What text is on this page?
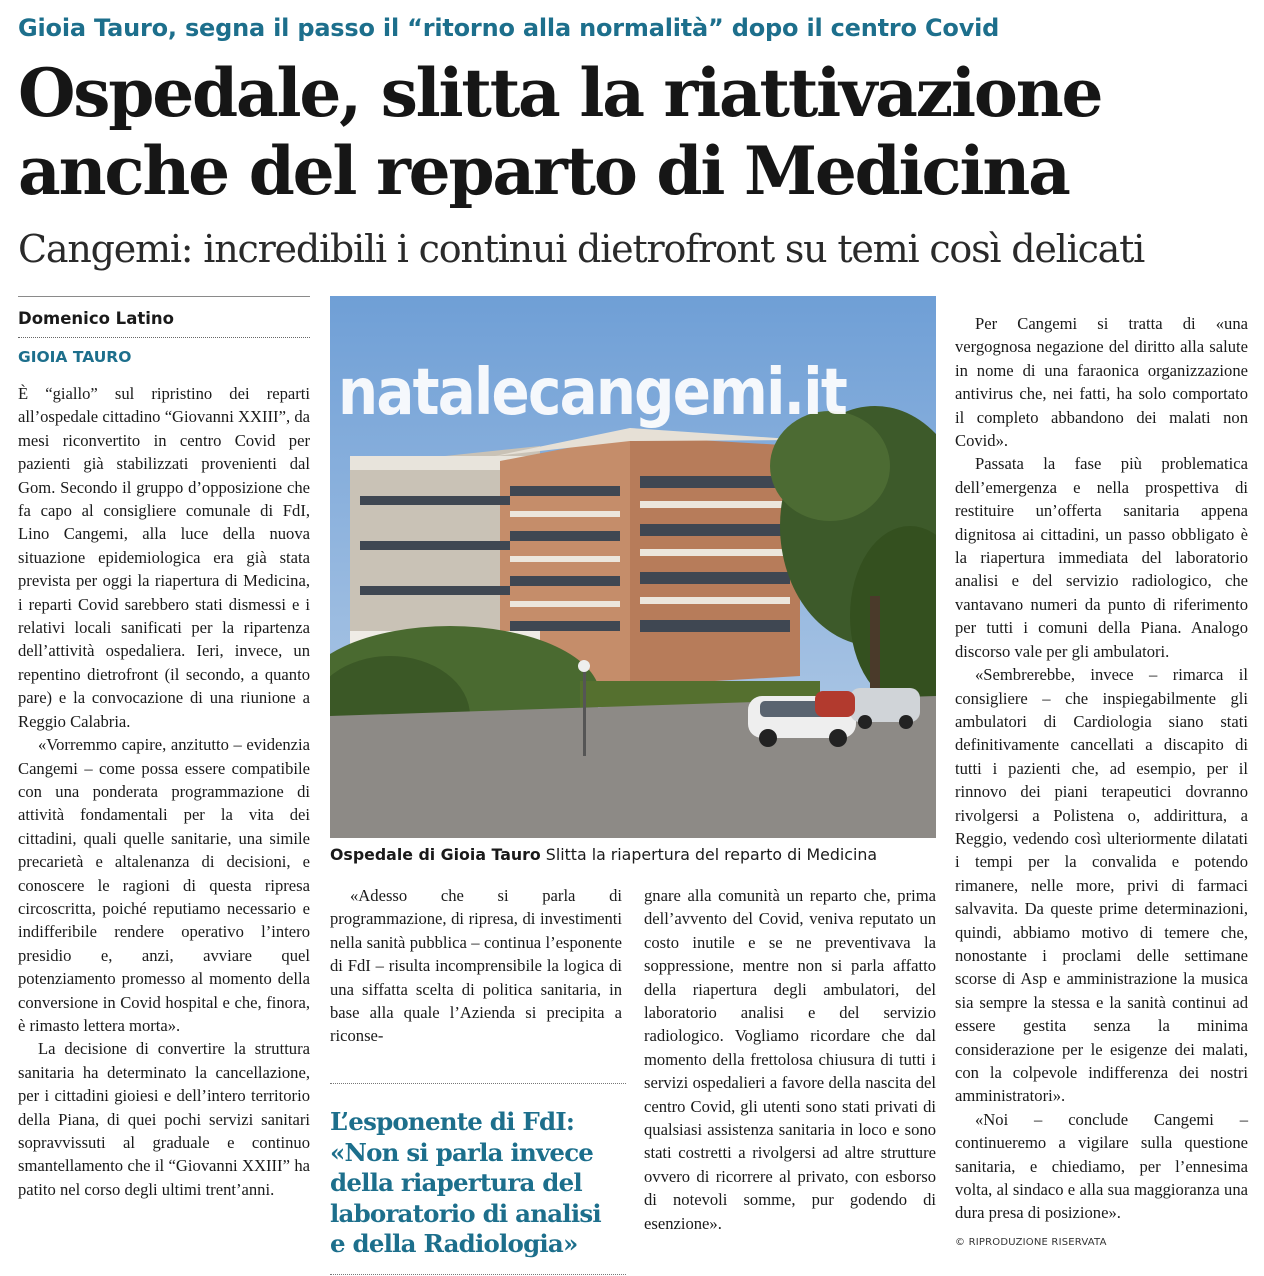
Gioia Tauro, segna il passo il “ritorno alla normalità” dopo il centro Covid
Ospedale, slitta la riattivazione
anche del reparto di Medicina
Cangemi: incredibili i continui dietrofront su temi così delicati
Domenico Latino
GIOIA TAURO

È “giallo” sul ripristino dei reparti all’ospedale cittadino “Giovanni XXIII”, da mesi riconvertito in centro Covid per pazienti già stabilizzati provenienti dal Gom. Secondo il gruppo d’opposizione che fa capo al consigliere comunale di FdI, Lino Cangemi, alla luce della nuova situazione epidemiologica era già stata prevista per oggi la riapertura di Medicina, i reparti Covid sarebbero stati dismessi e i relativi locali sanificati per la ripartenza dell’attività ospedaliera. Ieri, invece, un repentino dietrofront (il secondo, a quanto pare) e la convocazione di una riunione a Reggio Calabria.

«Vorremmo capire, anzitutto – evidenzia Cangemi – come possa essere compatibile con una ponderata programmazione di attività fondamentali per la vita dei cittadini, quali quelle sanitarie, una simile precarietà e altalenanza di decisioni, e conoscere le ragioni di questa ripresa circoscritta, poiché reputiamo necessario e indifferibile rendere operativo l’intero presidio e, anzi, avviare quel potenziamento promesso al momento della conversione in Covid hospital e che, finora, è rimasto lettera morta».

La decisione di convertire la struttura sanitaria ha determinato la cancellazione, per i cittadini gioiesi e dell’intero territorio della Piana, di quei pochi servizi sanitari sopravvissuti al graduale e continuo smantellamento che il “Giovanni XXIII” ha patito nel corso degli ultimi trent’anni.

natalecangemi.it
Ospedale di Gioia Tauro Slitta la riapertura del reparto di Medicina

«Adesso che si parla di programmazione, di ripresa, di investimenti nella sanità pubblica – continua l’esponente di FdI – risulta incomprensibile la logica di una siffatta scelta di politica sanitaria, in base alla quale l’Azienda si precipita a riconse-

L’esponente di FdI:
«Non si parla invece
della riapertura del
laboratorio di analisi
e della Radiologia»

gnare alla comunità un reparto che, prima dell’avvento del Covid, veniva reputato un costo inutile e se ne preventivava la soppressione, mentre non si parla affatto della riapertura degli ambulatori, del laboratorio analisi e del servizio radiologico. Vogliamo ricordare che dal momento della frettolosa chiusura di tutti i servizi ospedalieri a favore della nascita del centro Covid, gli utenti sono stati privati di qualsiasi assistenza sanitaria in loco e sono stati costretti a rivolgersi ad altre strutture ovvero di ricorrere al privato, con esborso di notevoli somme, pur godendo di esenzione».

Per Cangemi si tratta di «una vergognosa negazione del diritto alla salute in nome di una faraonica organizzazione antivirus che, nei fatti, ha solo comportato il completo abbandono dei malati non Covid».

Passata la fase più problematica dell’emergenza e nella prospettiva di restituire un’offerta sanitaria appena dignitosa ai cittadini, un passo obbligato è la riapertura immediata del laboratorio analisi e del servizio radiologico, che vantavano numeri da punto di riferimento per tutti i comuni della Piana. Analogo discorso vale per gli ambulatori.

«Sembrerebbe, invece – rimarca il consigliere – che inspiegabilmente gli ambulatori di Cardiologia siano stati definitivamente cancellati a discapito di tutti i pazienti che, ad esempio, per il rinnovo dei piani terapeutici dovranno rivolgersi a Polistena o, addirittura, a Reggio, vedendo così ulteriormente dilatati i tempi per la convalida e potendo rimanere, nelle more, privi di farmaci salvavita. Da queste prime determinazioni, quindi, abbiamo motivo di temere che, nonostante i proclami delle settimane scorse di Asp e amministrazione la musica sia sempre la stessa e la sanità continui ad essere gestita senza la minima considerazione per le esigenze dei malati, con la colpevole indifferenza dei nostri amministratori».

«Noi – conclude Cangemi – continueremo a vigilare sulla questione sanitaria, e chiediamo, per l’ennesima volta, al sindaco e alla sua maggioranza una dura presa di posizione».

© RIPRODUZIONE RISERVATA
